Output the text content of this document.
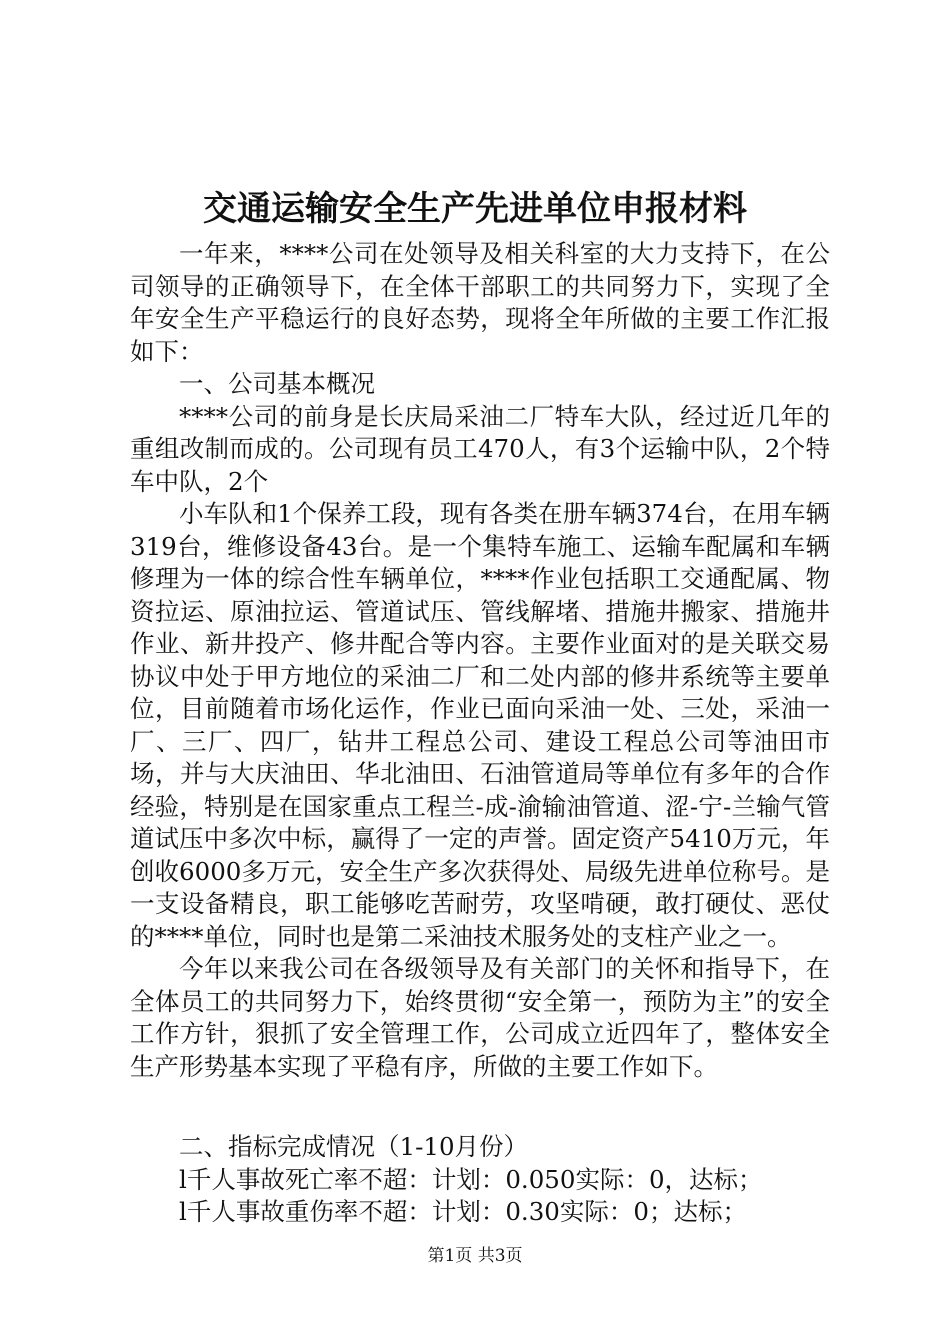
交通运输安全生产先进单位申报材料

一年来，****公司在处领导及相关科室的大力支持下，在公司领导的正确领导下，在全体干部职工的共同努力下，实现了全年安全生产平稳运行的良好态势，现将全年所做的主要工作汇报如下：

一、公司基本概况

****公司的前身是长庆局采油二厂特车大队，经过近几年的重组改制而成的。公司现有员工470人，有3个运输中队，2个特车中队，2个

小车队和1个保养工段，现有各类在册车辆374台，在用车辆319台，维修设备43台。是一个集特车施工、运输车配属和车辆修理为一体的综合性车辆单位，****作业包括职工交通配属、物资拉运、原油拉运、管道试压、管线解堵、措施井搬家、措施井作业、新井投产、修井配合等内容。主要作业面对的是关联交易协议中处于甲方地位的采油二厂和二处内部的修井系统等主要单位，目前随着市场化运作，作业已面向采油一处、三处，采油一厂、三厂、四厂，钻井工程总公司、建设工程总公司等油田市场，并与大庆油田、华北油田、石油管道局等单位有多年的合作经验，特别是在国家重点工程兰-成-渝输油管道、涩-宁-兰输气管道试压中多次中标，赢得了一定的声誉。固定资产5410万元，年创收6000多万元，安全生产多次获得处、局级先进单位称号。是一支设备精良，职工能够吃苦耐劳，攻坚啃硬，敢打硬仗、恶仗的****单位，同时也是第二采油技术服务处的支柱产业之一。

今年以来我公司在各级领导及有关部门的关怀和指导下，在全体员工的共同努力下，始终贯彻“安全第一，预防为主”的安全工作方针，狠抓了安全管理工作，公司成立近四年了，整体安全生产形势基本实现了平稳有序，所做的主要工作如下。

二、指标完成情况（1-10月份）

l千人事故死亡率不超：计划：0.050实际：0，达标；

l千人事故重伤率不超：计划：0.30实际：0；达标；

第1页 共3页
